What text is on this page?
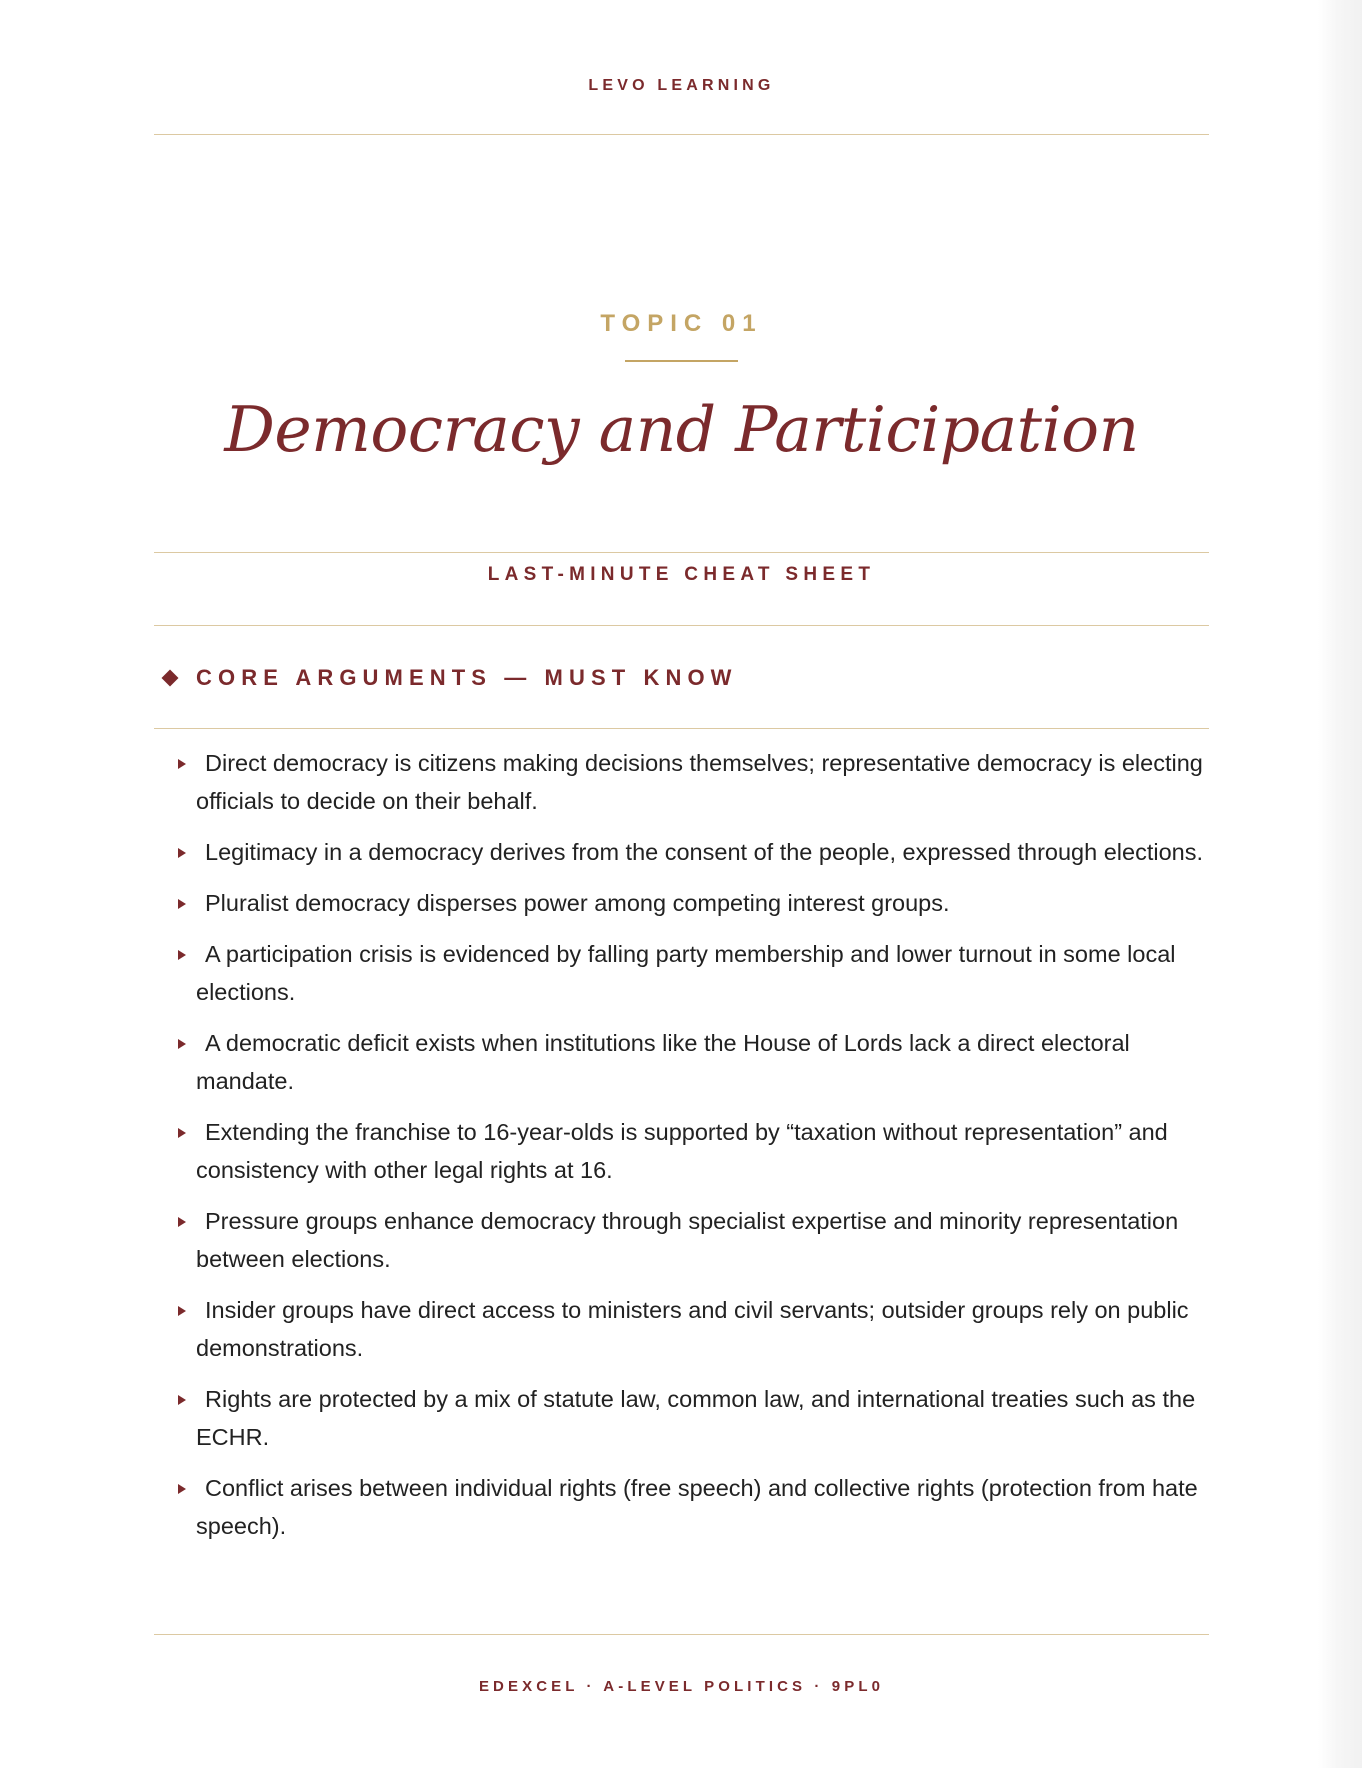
LEVO LEARNING
TOPIC 01
Democracy and Participation
LAST-MINUTE CHEAT SHEET
CORE ARGUMENTS — MUST KNOW
Direct democracy is citizens making decisions themselves; representative democracy is electing officials to decide on their behalf.
Legitimacy in a democracy derives from the consent of the people, expressed through elections.
Pluralist democracy disperses power among competing interest groups.
A participation crisis is evidenced by falling party membership and lower turnout in some local elections.
A democratic deficit exists when institutions like the House of Lords lack a direct electoral mandate.
Extending the franchise to 16-year-olds is supported by “taxation without representation” and consistency with other legal rights at 16.
Pressure groups enhance democracy through specialist expertise and minority representation between elections.
Insider groups have direct access to ministers and civil servants; outsider groups rely on public demonstrations.
Rights are protected by a mix of statute law, common law, and international treaties such as the ECHR.
Conflict arises between individual rights (free speech) and collective rights (protection from hate speech).
EDEXCEL · A-LEVEL POLITICS · 9PL0
